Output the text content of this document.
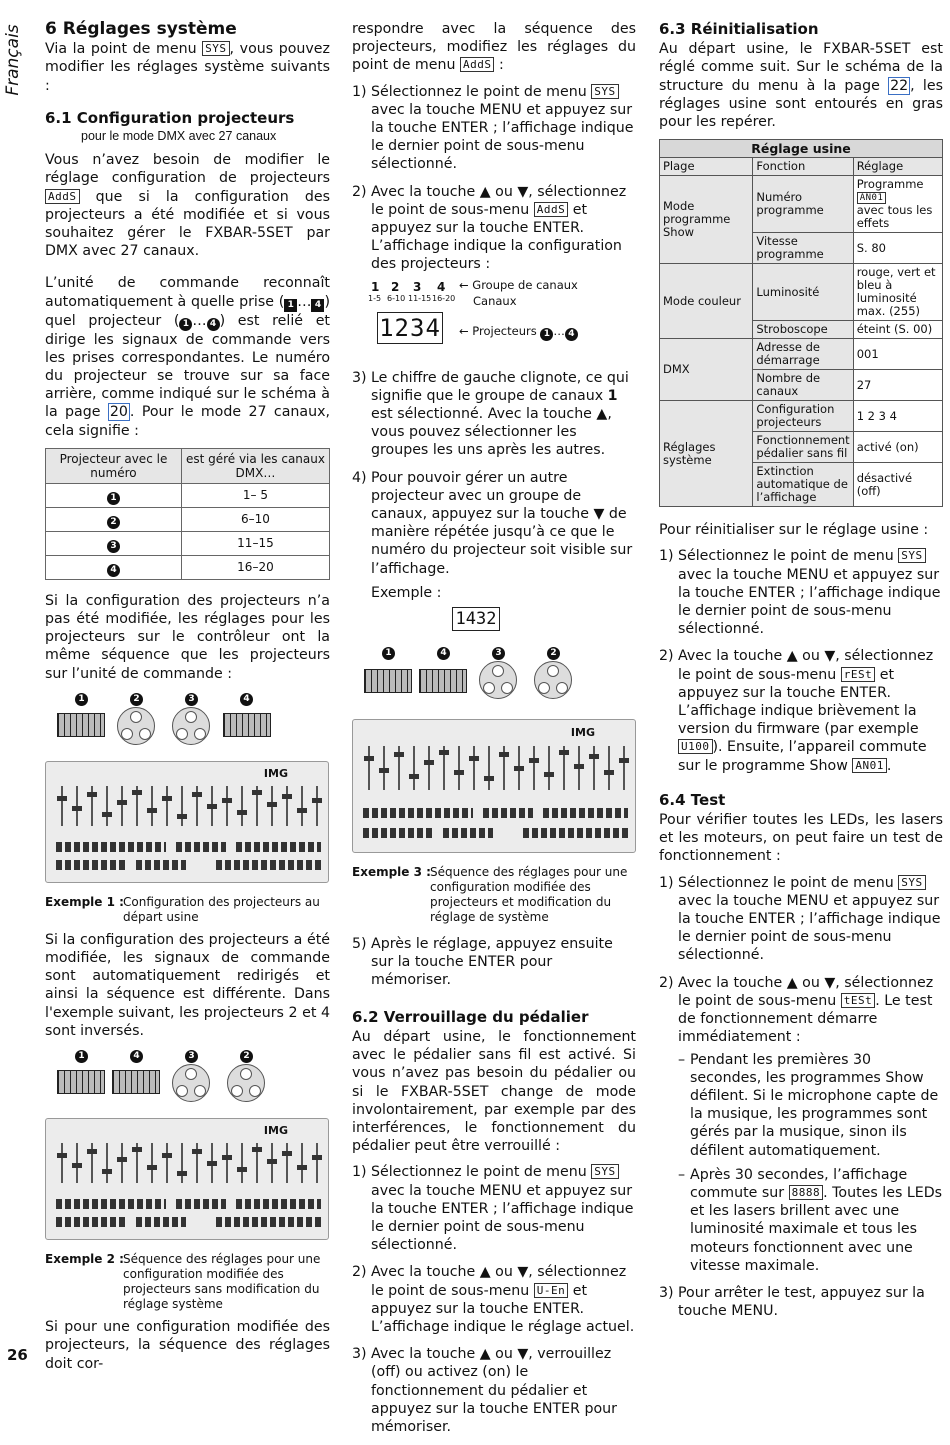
Français
26
6 Réglages système

Via la point de menu SYS , vous pouvez modifier les réglages système suivants :

6.1 Configuration projecteurs
pour le mode DMX avec 27 canaux

Vous n’avez besoin de modifier le réglage configuration de projecteurs AddS que si la configuration des projecteurs a été modifiée et si vous souhaitez gérer le FXBAR-5SET par DMX avec 27 canaux.

L’unité de commande reconnaît automatiquement à quelle prise ( 1 … 4 ) quel projecteur ( 1 … 4 ) est relié et dirige les signaux de commande vers les prises correspondantes. Le numéro du projecteur se trouve sur sa face arrière, comme indiqué sur le schéma à la page 20 . Pour le mode 27 canaux, cela signifie :

Projecteur avec le numéro	est géré via les canaux DMX…
1	1– 5
2	6–10
3	11–15
4	16–20

Si la configuration des projecteurs n’a pas été modifiée, les réglages pour les projecteurs sur le contrôleur ont la même séquence que les projecteurs sur l’unité de commande :

1	2	3	4
IMG
Exemple 1 : Configuration des projecteurs au départ usine

Si la configuration des projecteurs a été modifiée, les signaux de commande sont automatiquement redirigés et ainsi la séquence est différente. Dans l'exemple suivant, les projecteurs 2 et 4 sont inversés.

1	4	3	2
IMG
Exemple 2 : Séquence des réglages pour une configuration modifiée des projecteurs sans modification du réglage système

Si pour une configuration modifiée des projecteurs, la séquence des réglages doit cor-

respondre avec la séquence des projecteurs, modifiez les réglages du point de menu AddS :

1) Sélectionnez le point de menu SYS avec la touche MENU et appuyez sur la touche ENTER ; l’affichage indique le dernier point de sous-menu sélectionné.
2) Avec la touche ▲ ou ▼, sélectionnez le point de sous-menu AddS et appuyez sur la touche ENTER. L’affichage indique la configuration des projecteurs :
1 2 3 4
1-5 6-10 11-15 16-20
← Groupe de canaux
Canaux
1234 ← Projecteurs 1 … 4
3) Le chiffre de gauche clignote, ce qui signifie que le groupe de canaux 1 est sélectionné. Avec la touche ▲, vous pouvez sélectionner les groupes les uns après les autres.
4) Pour pouvoir gérer un autre projecteur avec un groupe de canaux, appuyez sur la touche ▼ de manière répétée jusqu’à ce que le numéro du projecteur soit visible sur l’affichage.
Exemple :
1432
1	4	3	2
IMG
Exemple 3 : Séquence des réglages pour une configuration modifiée des projecteurs et modification du réglage de système
5) Après le réglage, appuyez ensuite sur la touche ENTER pour mémoriser.
6.2 Verrouillage du pédalier

Au départ usine, le fonctionnement avec le pédalier sans fil est activé. Si vous n’avez pas besoin du pédalier ou si le FXBAR-5SET change de mode involontairement, par exemple par des interférences, le fonctionnement du pédalier peut être verrouillé :

1) Sélectionnez le point de menu SYS avec la touche MENU et appuyez sur la touche ENTER ; l’affichage indique le dernier point de sous-menu sélectionné.
2) Avec la touche ▲ ou ▼, sélectionnez le point de sous-menu U-En et appuyez sur la touche ENTER. L’affichage indique le réglage actuel.
3) Avec la touche ▲ ou ▼, verrouillez (off) ou activez (on) le fonctionnement du pédalier et appuyez sur la touche ENTER pour mémoriser.
6.3 Réinitialisation

Au départ usine, le FXBAR-5SET est réglé comme suit. Sur le schéma de la structure du menu à la page 22 , les réglages usine sont entourés en gras pour les repérer.

Réglage usine		
Plage	Fonction	Réglage
Mode programme Show	Numéro programme	Programme AN01
avec tous les effets
	Vitesse programme	S. 80
Mode couleur	Luminosité	rouge, vert et bleu à luminosité max. (255)
	Stroboscope	éteint (S. 00)
DMX	Adresse de démarrage	001
	Nombre de canaux	27
Réglages système	Configuration projecteurs	1 2 3 4
	Fonctionnement pédalier sans fil	activé (on)
	Extinction automatique de l’affichage	désactivé (off)

Pour réinitialiser sur le réglage usine :

1) Sélectionnez le point de menu SYS avec la touche MENU et appuyez sur la touche ENTER ; l’affichage indique le dernier point de sous-menu sélectionné.
2) Avec la touche ▲ ou ▼, sélectionnez le point de sous-menu rESt et appuyez sur la touche ENTER. L’affichage indique brièvement la version du firmware (par exemple U100 ). Ensuite, l’appareil commute sur le programme Show AN01 .
6.4 Test

Pour vérifier toutes les LEDs, les lasers et les moteurs, on peut faire un test de fonctionnement :

1) Sélectionnez le point de menu SYS avec la touche MENU et appuyez sur la touche ENTER ; l’affichage indique le dernier point de sous-menu sélectionné.
2) Avec la touche ▲ ou ▼, sélectionnez le point de sous-menu tESt . Le test de fonctionnement démarre immédiatement :
– Pendant les premières 30 secondes, les programmes Show défilent. Si le microphone capte de la musique, les programmes sont gérés par la musique, sinon ils défilent automatiquement.
– Après 30 secondes, l’affichage commute sur 8888 . Toutes les LEDs et les lasers brillent avec une luminosité maximale et tous les moteurs fonctionnent avec une vitesse maximale.
3) Pour arrêter le test, appuyez sur la touche MENU.
